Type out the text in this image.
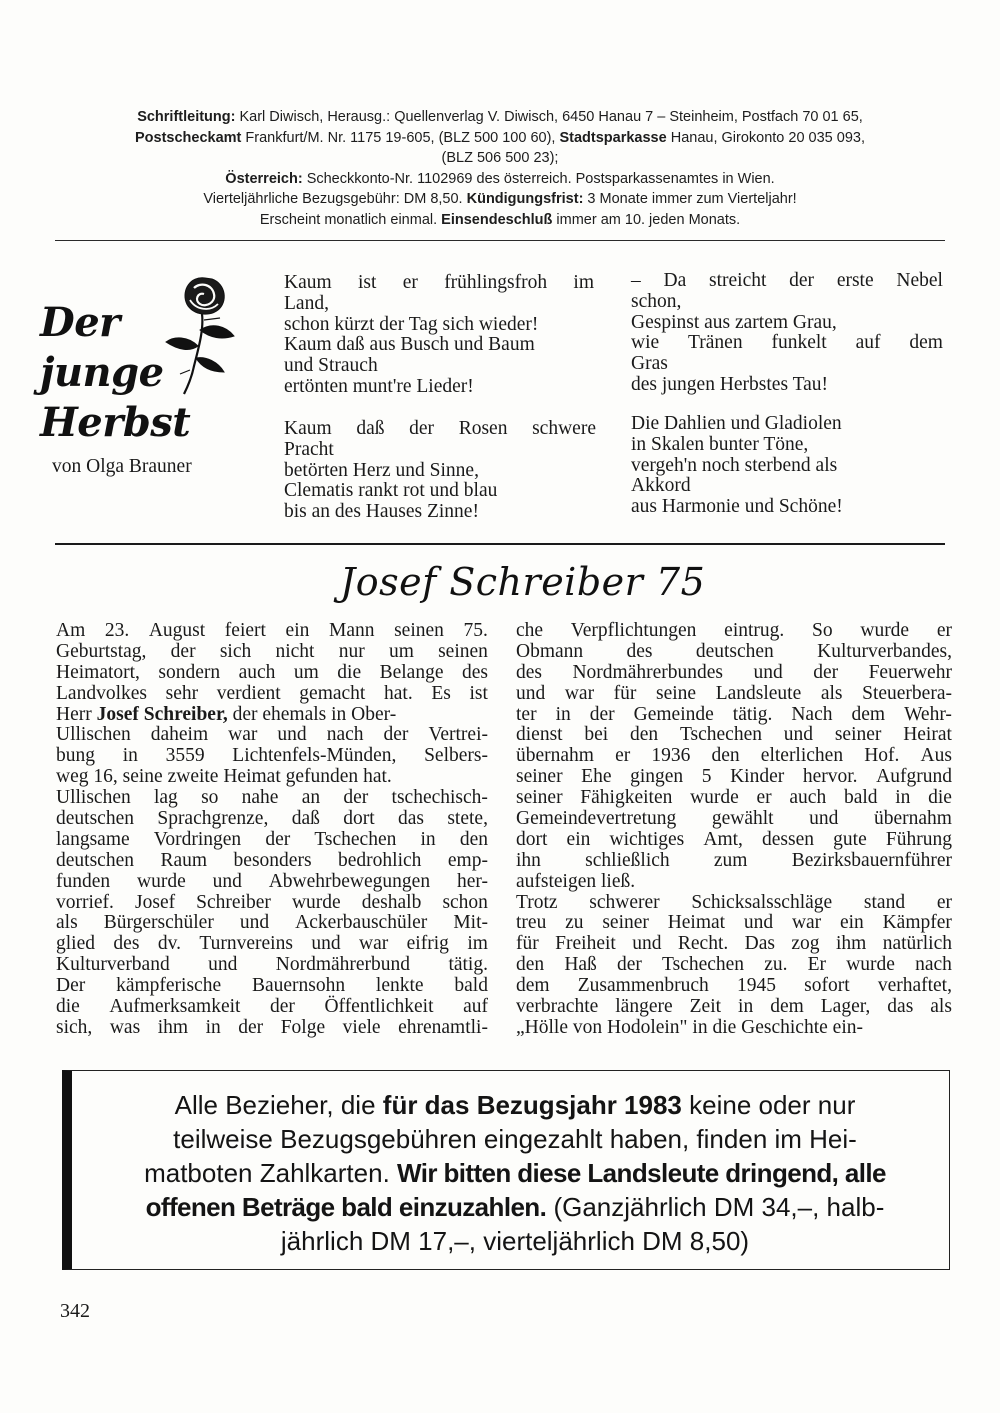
Schriftleitung: Karl Diwisch, Herausg.: Quellenverlag V. Diwisch, 6450 Hanau 7 – Steinheim, Postfach 70 01 65,
Postscheckamt Frankfurt/M. Nr. 1175 19-605, (BLZ 500 100 60), Stadtsparkasse Hanau, Girokonto 20 035 093,
(BLZ 506 500 23);
Österreich: Scheckkonto-Nr. 1102969 des österreich. Postsparkassenamtes in Wien.
Vierteljährliche Bezugsgebühr: DM 8,50. Kündigungsfrist: 3 Monate immer zum Vierteljahr!
Erscheint monatlich einmal. Einsendeschluß immer am 10. jeden Monats.
Der
junge
Herbst
von Olga Brauner
Kaum ist er frühlingsfroh im
Land,
schon kürzt der Tag sich wieder!
Kaum daß aus Busch und Baum
und Strauch
ertönten munt're Lieder!
Kaum daß der Rosen schwere
Pracht
betörten Herz und Sinne,
Clematis rankt rot und blau
bis an des Hauses Zinne!
– Da streicht der erste Nebel
schon,
Gespinst aus zartem Grau,
wie Tränen funkelt auf dem
Gras
des jungen Herbstes Tau!
Die Dahlien und Gladiolen
in Skalen bunter Töne,
vergeh'n noch sterbend als
Akkord
aus Harmonie und Schöne!
Josef Schreiber 75
Am 23. August feiert ein Mann seinen 75.
Geburtstag, der sich nicht nur um seinen
Heimatort, sondern auch um die Belange des
Landvolkes sehr verdient gemacht hat. Es ist
Herr Josef Schreiber, der ehemals in Ober-
Ullischen daheim war und nach der Vertrei-
bung in 3559 Lichtenfels-Münden, Selbers-
weg 16, seine zweite Heimat gefunden hat.
Ullischen lag so nahe an der tschechisch-
deutschen Sprachgrenze, daß dort das stete,
langsame Vordringen der Tschechen in den
deutschen Raum besonders bedrohlich emp-
funden wurde und Abwehrbewegungen her-
vorrief. Josef Schreiber wurde deshalb schon
als Bürgerschüler und Ackerbauschüler Mit-
glied des dv. Turnvereins und war eifrig im
Kulturverband und Nordmährerbund tätig.
Der kämpferische Bauernsohn lenkte bald
die Aufmerksamkeit der Öffentlichkeit auf
sich, was ihm in der Folge viele ehrenamtli-
che Verpflichtungen eintrug. So wurde er
Obmann des deutschen Kulturverbandes,
des Nordmährerbundes und der Feuerwehr
und war für seine Landsleute als Steuerbera-
ter in der Gemeinde tätig. Nach dem Wehr-
dienst bei den Tschechen und seiner Heirat
übernahm er 1936 den elterlichen Hof. Aus
seiner Ehe gingen 5 Kinder hervor. Aufgrund
seiner Fähigkeiten wurde er auch bald in die
Gemeindevertretung gewählt und übernahm
dort ein wichtiges Amt, dessen gute Führung
ihn schließlich zum Bezirksbauernführer
aufsteigen ließ.
Trotz schwerer Schicksalsschläge stand er
treu zu seiner Heimat und war ein Kämpfer
für Freiheit und Recht. Das zog ihm natürlich
den Haß der Tschechen zu. Er wurde nach
dem Zusammenbruch 1945 sofort verhaftet,
verbrachte längere Zeit in dem Lager, das als
„Hölle von Hodolein" in die Geschichte ein-
Alle Bezieher, die für das Bezugsjahr 1983 keine oder nur
teilweise Bezugsgebühren eingezahlt haben, finden im Hei-
matboten Zahlkarten. Wir bitten diese Landsleute dringend, alle
offenen Beträge bald einzuzahlen. (Ganzjährlich DM 34,–, halb-
jährlich DM 17,–, vierteljährlich DM 8,50)
342
